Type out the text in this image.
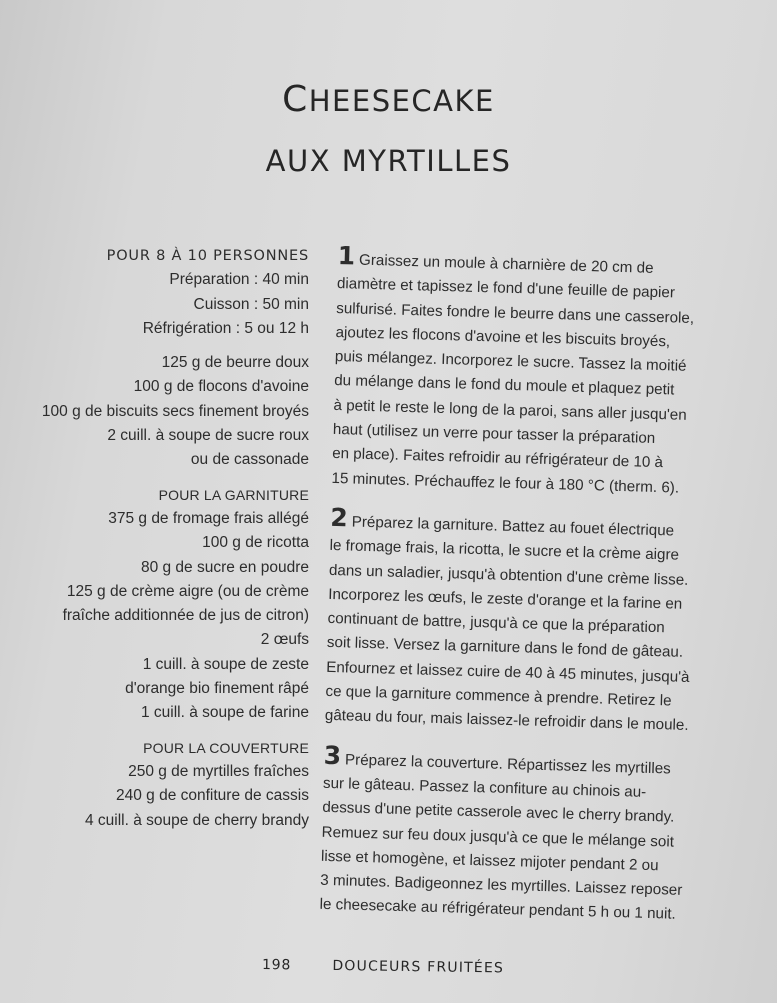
CHEESECAKE
AUX MYRTILLES
POUR 8 À 10 PERSONNES
Préparation : 40 min
Cuisson : 50 min
Réfrigération : 5 ou 12 h
125 g de beurre doux
100 g de flocons d'avoine
100 g de biscuits secs finement broyés
2 cuill. à soupe de sucre roux
ou de cassonade
POUR LA GARNITURE
375 g de fromage frais allégé
100 g de ricotta
80 g de sucre en poudre
125 g de crème aigre (ou de crème
fraîche additionnée de jus de citron)
2 œufs
1 cuill. à soupe de zeste
d'orange bio finement râpé
1 cuill. à soupe de farine
POUR LA COUVERTURE
250 g de myrtilles fraîches
240 g de confiture de cassis
4 cuill. à soupe de cherry brandy
1 Graissez un moule à charnière de 20 cm de
diamètre et tapissez le fond d'une feuille de papier
sulfurisé. Faites fondre le beurre dans une casserole,
ajoutez les flocons d'avoine et les biscuits broyés,
puis mélangez. Incorporez le sucre. Tassez la moitié
du mélange dans le fond du moule et plaquez petit
à petit le reste le long de la paroi, sans aller jusqu'en
haut (utilisez un verre pour tasser la préparation
en place). Faites refroidir au réfrigérateur de 10 à
15 minutes. Préchauffez le four à 180 °C (therm. 6).
2 Préparez la garniture. Battez au fouet électrique
le fromage frais, la ricotta, le sucre et la crème aigre
dans un saladier, jusqu'à obtention d'une crème lisse.
Incorporez les œufs, le zeste d'orange et la farine en
continuant de battre, jusqu'à ce que la préparation
soit lisse. Versez la garniture dans le fond de gâteau.
Enfournez et laissez cuire de 40 à 45 minutes, jusqu'à
ce que la garniture commence à prendre. Retirez le
gâteau du four, mais laissez-le refroidir dans le moule.
3 Préparez la couverture. Répartissez les myrtilles
sur le gâteau. Passez la confiture au chinois au-
dessus d'une petite casserole avec le cherry brandy.
Remuez sur feu doux jusqu'à ce que le mélange soit
lisse et homogène, et laissez mijoter pendant 2 ou
3 minutes. Badigeonnez les myrtilles. Laissez reposer
le cheesecake au réfrigérateur pendant 5 h ou 1 nuit.
198	DOUCEURS FRUITÉES
